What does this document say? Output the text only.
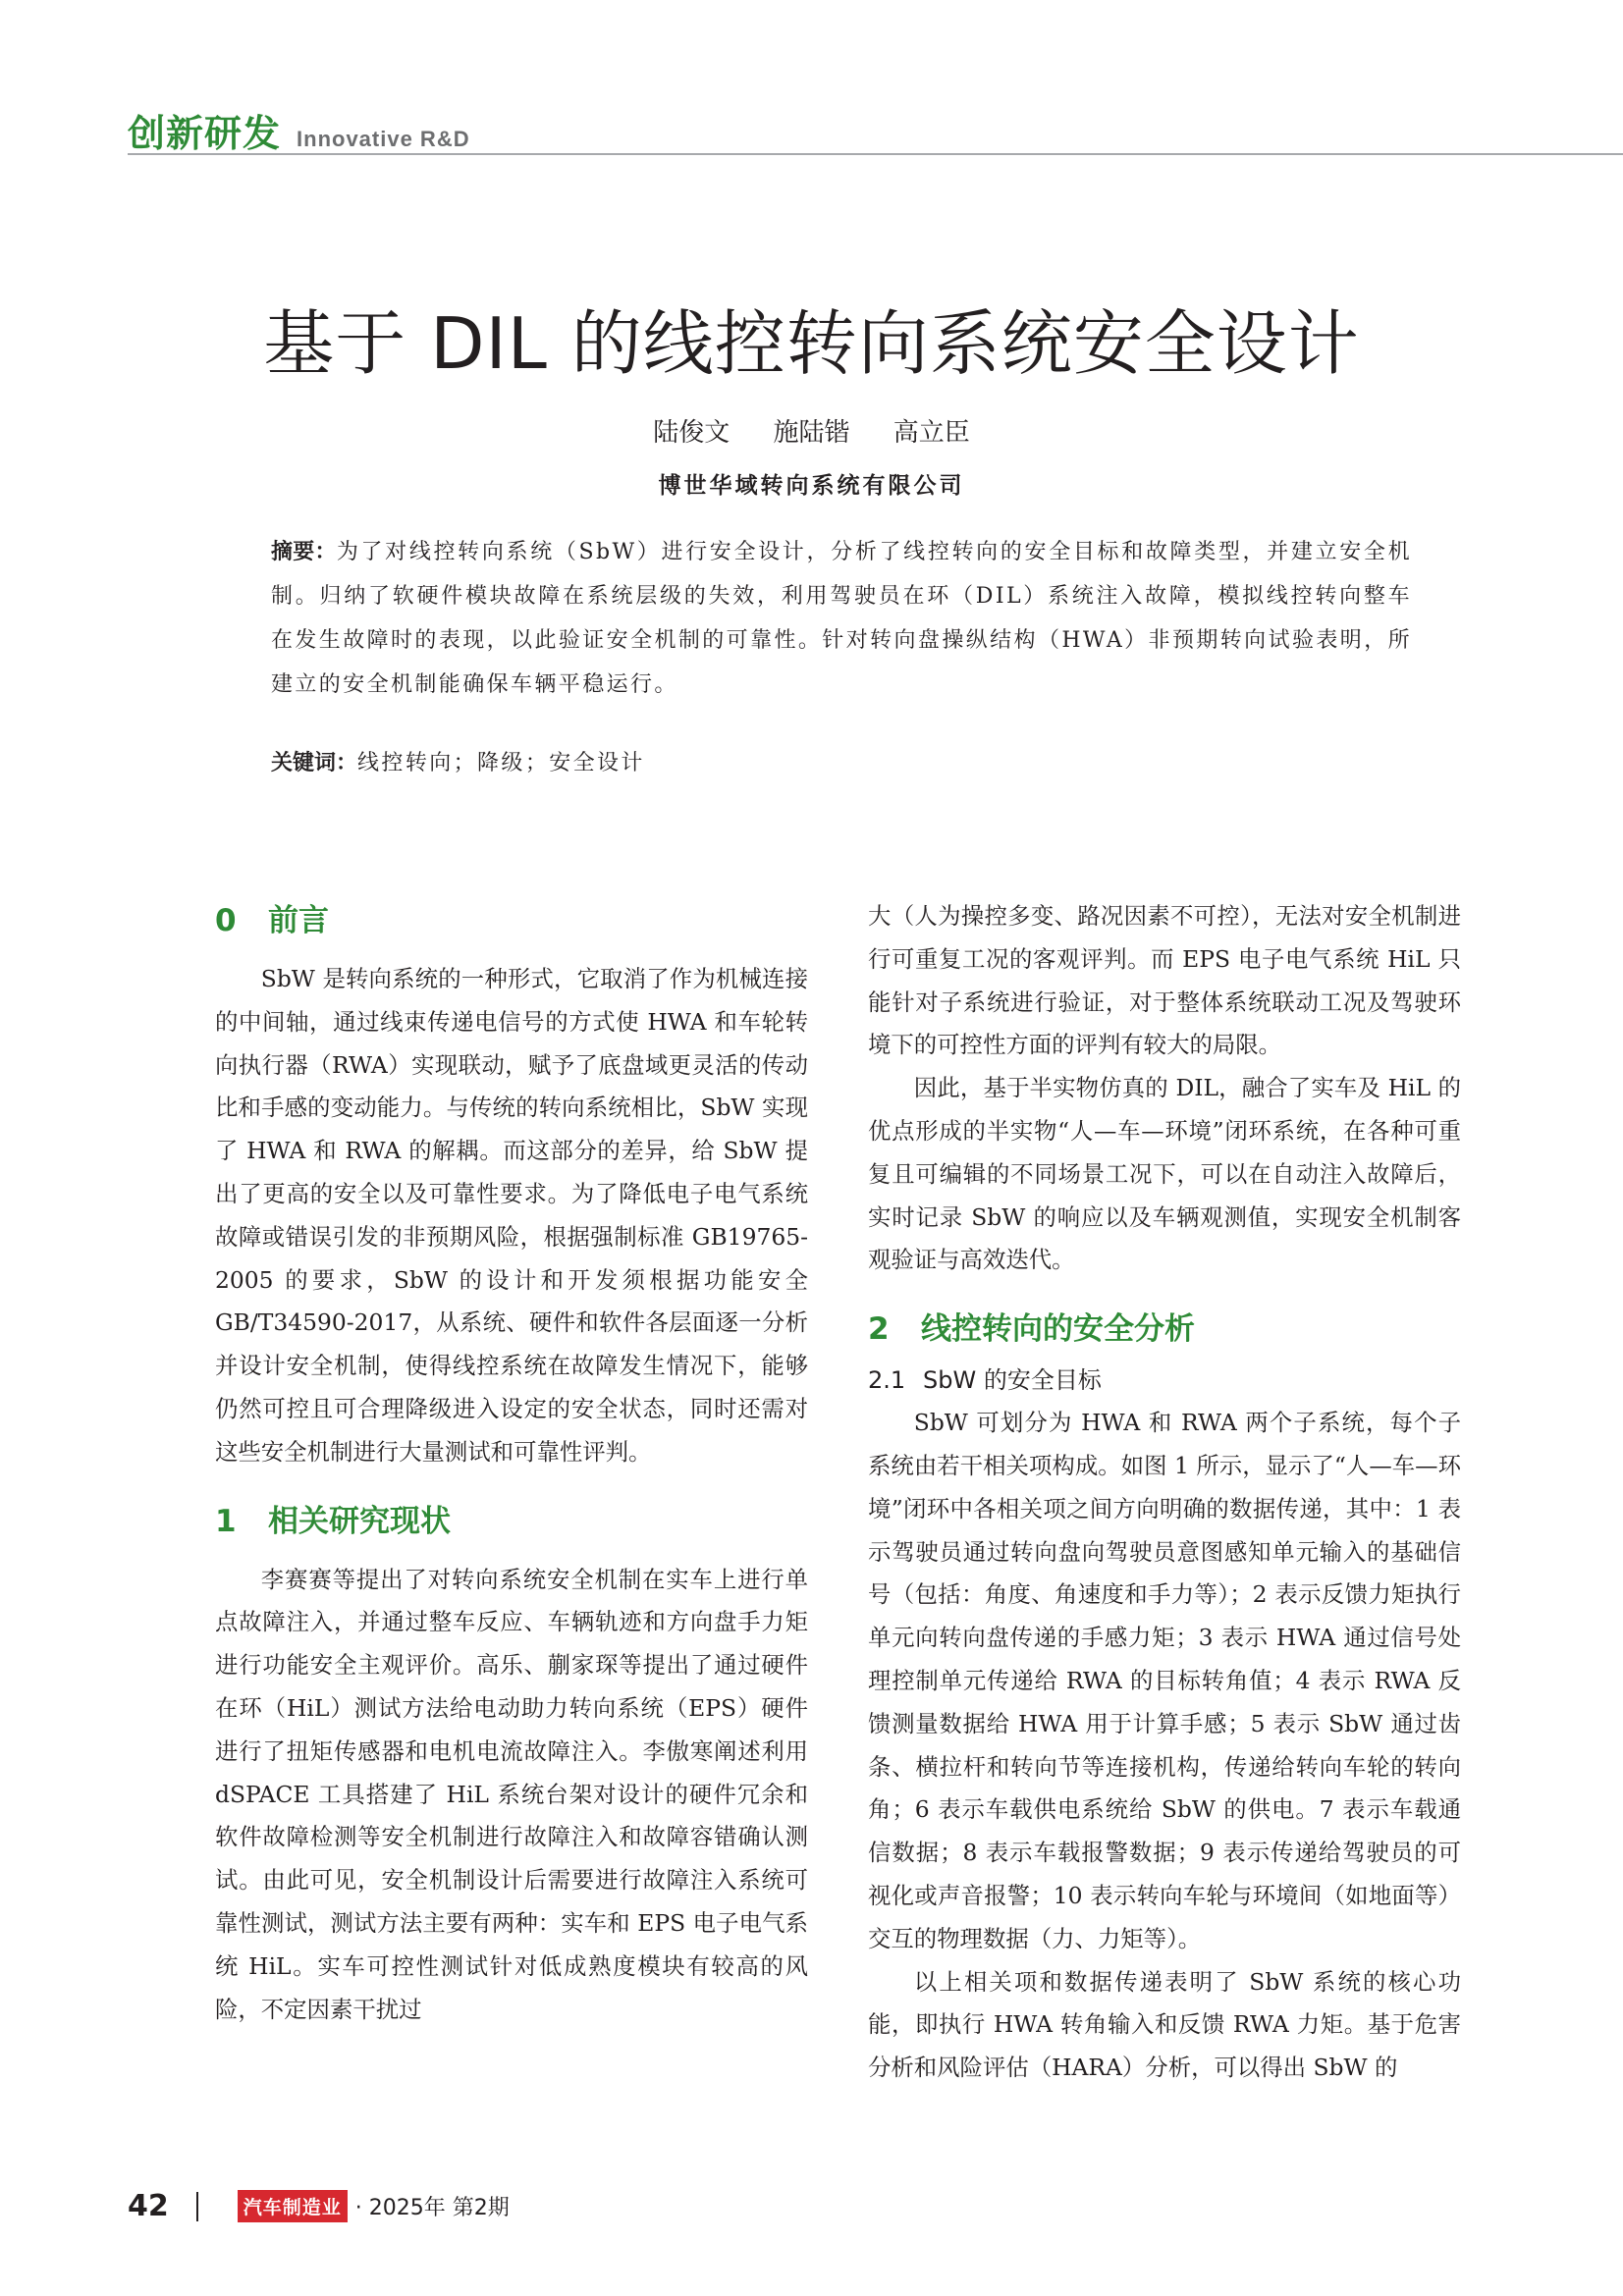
创新研发 Innovative R&D
基于 DIL 的线控转向系统安全设计
陆俊文 施陆锴 高立臣
博世华域转向系统有限公司
摘要：为了对线控转向系统（SbW）进行安全设计，分析了线控转向的安全目标和故障类型，并建立安全机制。归纳了软硬件模块故障在系统层级的失效，利用驾驶员在环（DIL）系统注入故障，模拟线控转向整车在发生故障时的表现，以此验证安全机制的可靠性。针对转向盘操纵结构（HWA）非预期转向试验表明，所建立的安全机制能确保车辆平稳运行。
关键词：线控转向；降级；安全设计
0 前言

SbW 是转向系统的一种形式，它取消了作为机械连接的中间轴，通过线束传递电信号的方式使 HWA 和车轮转向执行器（RWA）实现联动，赋予了底盘域更灵活的传动比和手感的变动能力。与传统的转向系统相比，SbW 实现了 HWA 和 RWA 的解耦。而这部分的差异，给 SbW 提出了更高的安全以及可靠性要求。为了降低电子电气系统故障或错误引发的非预期风险，根据强制标准 GB19765-2005 的要求，SbW 的设计和开发须根据功能安全 GB/T34590-2017，从系统、硬件和软件各层面逐一分析并设计安全机制，使得线控系统在故障发生情况下，能够仍然可控且可合理降级进入设定的安全状态，同时还需对这些安全机制进行大量测试和可靠性评判。

1 相关研究现状

李赛赛等提出了对转向系统安全机制在实车上进行单点故障注入，并通过整车反应、车辆轨迹和方向盘手力矩进行功能安全主观评价。高乐、蒯家琛等提出了通过硬件在环（HiL）测试方法给电动助力转向系统（EPS）硬件进行了扭矩传感器和电机电流故障注入。李傲寒阐述利用 dSPACE 工具搭建了 HiL 系统台架对设计的硬件冗余和软件故障检测等安全机制进行故障注入和故障容错确认测试。由此可见，安全机制设计后需要进行故障注入系统可靠性测试，测试方法主要有两种：实车和 EPS 电子电气系统 HiL。实车可控性测试针对低成熟度模块有较高的风险，不定因素干扰过

大（人为操控多变、路况因素不可控），无法对安全机制进行可重复工况的客观评判。而 EPS 电子电气系统 HiL 只能针对子系统进行验证，对于整体系统联动工况及驾驶环境下的可控性方面的评判有较大的局限。

因此，基于半实物仿真的 DIL，融合了实车及 HiL 的优点形成的半实物“人—车—环境”闭环系统，在各种可重复且可编辑的不同场景工况下，可以在自动注入故障后，实时记录 SbW 的响应以及车辆观测值，实现安全机制客观验证与高效迭代。

2 线控转向的安全分析
2.1 SbW 的安全目标

SbW 可划分为 HWA 和 RWA 两个子系统，每个子系统由若干相关项构成。如图 1 所示，显示了“人—车—环境”闭环中各相关项之间方向明确的数据传递，其中：1 表示驾驶员通过转向盘向驾驶员意图感知单元输入的基础信号（包括：角度、角速度和手力等）；2 表示反馈力矩执行单元向转向盘传递的手感力矩；3 表示 HWA 通过信号处理控制单元传递给 RWA 的目标转角值；4 表示 RWA 反馈测量数据给 HWA 用于计算手感；5 表示 SbW 通过齿条、横拉杆和转向节等连接机构，传递给转向车轮的转向角；6 表示车载供电系统给 SbW 的供电。7 表示车载通信数据；8 表示车载报警数据；9 表示传递给驾驶员的可视化或声音报警；10 表示转向车轮与环境间（如地面等）交互的物理数据（力、力矩等）。

以上相关项和数据传递表明了 SbW 系统的核心功能，即执行 HWA 转角输入和反馈 RWA 力矩。基于危害分析和风险评估（HARA）分析，可以得出 SbW 的

42	汽车制造业 · 2025年 第2期
